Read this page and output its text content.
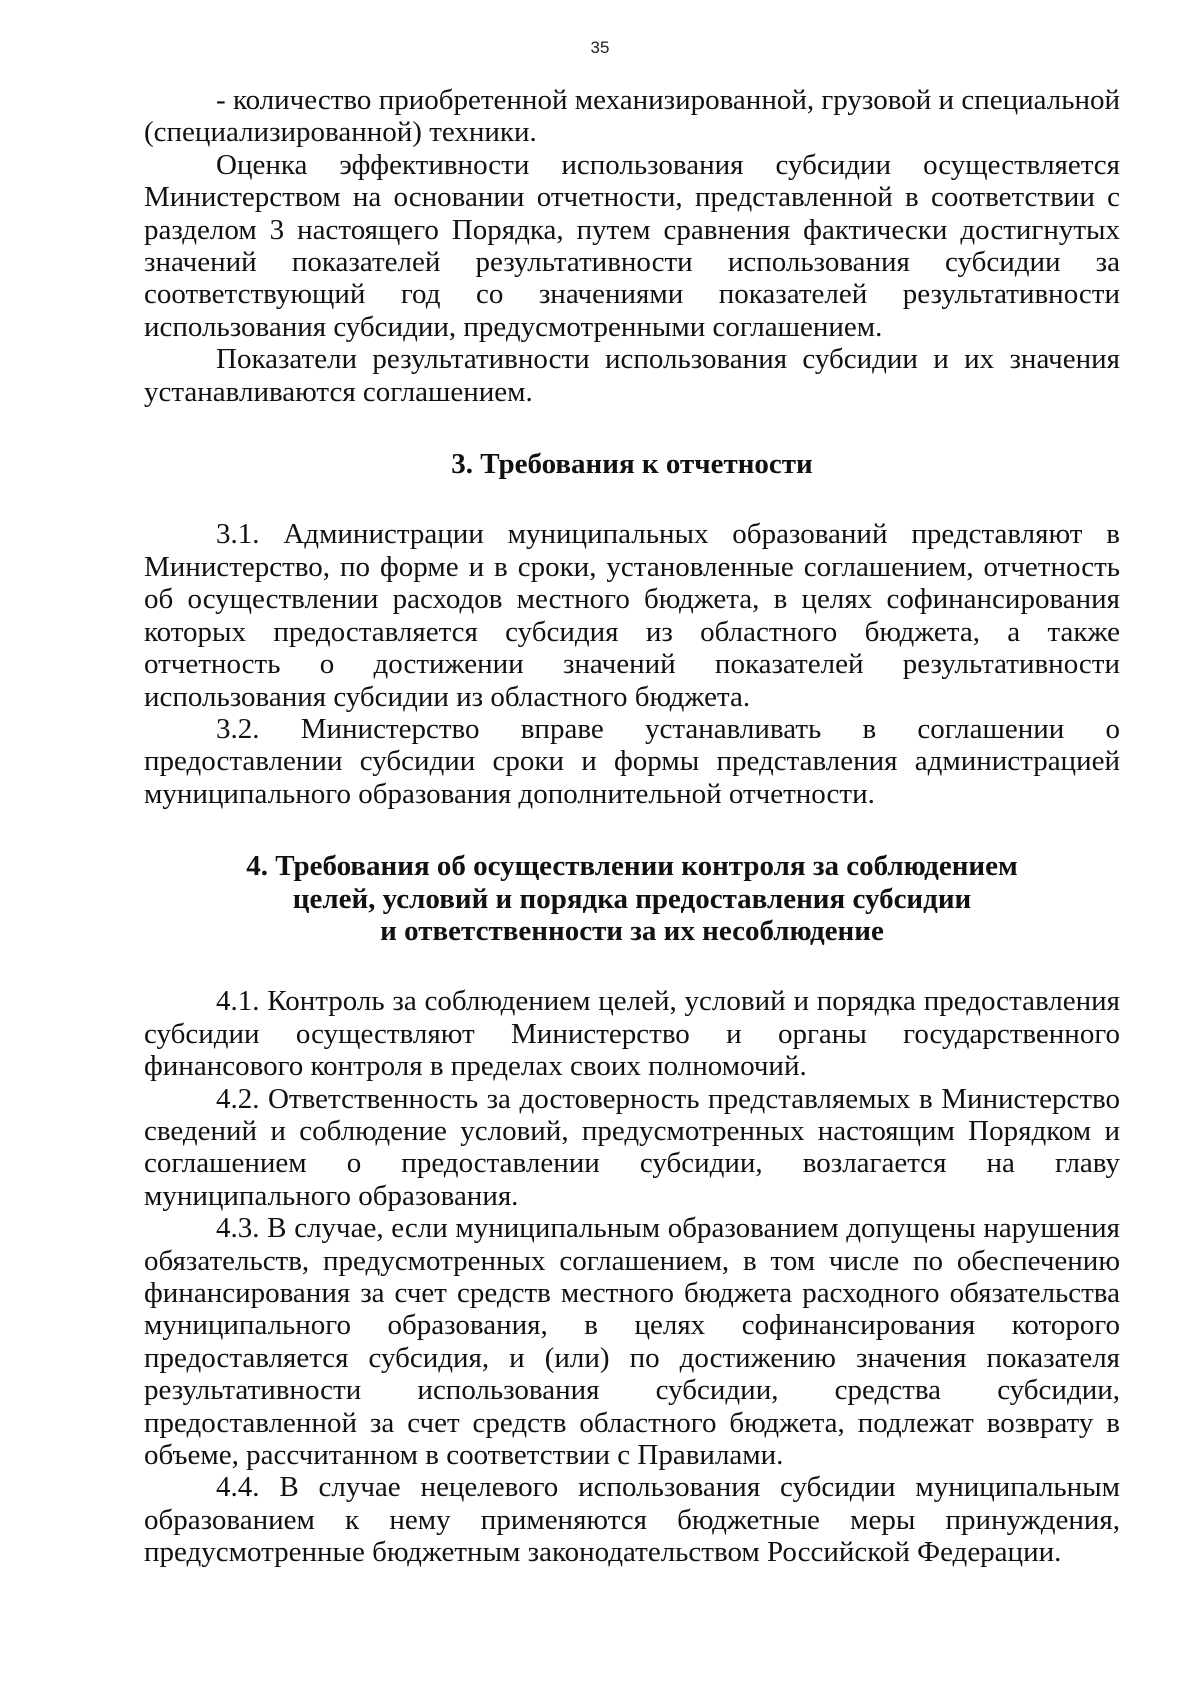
35

- количество приобретенной механизированной, грузовой и специальной (специализированной) техники.

Оценка эффективности использования субсидии осуществляется Министерством на основании отчетности, представленной в соответствии с разделом 3 настоящего Порядка, путем сравнения фактически достигнутых значений показателей результативности использования субсидии за соответствующий год со значениями показателей результативности использования субсидии, предусмотренными соглашением.

Показатели результативности использования субсидии и их значения устанавливаются соглашением.

3. Требования к отчетности

3.1. Администрации муниципальных образований представляют в Министерство, по форме и в сроки, установленные соглашением, отчетность об осуществлении расходов местного бюджета, в целях софинансирования которых предоставляется субсидия из областного бюджета, а также отчетность о достижении значений показателей результативности использования субсидии из областного бюджета.

3.2. Министерство вправе устанавливать в соглашении о предоставлении субсидии сроки и формы представления администрацией муниципального образования дополнительной отчетности.

4. Требования об осуществлении контроля за соблюдением
целей, условий и порядка предоставления субсидии
и ответственности за их несоблюдение

4.1. Контроль за соблюдением целей, условий и порядка предоставления субсидии осуществляют Министерство и органы государственного финансового контроля в пределах своих полномочий.

4.2. Ответственность за достоверность представляемых в Министерство сведений и соблюдение условий, предусмотренных настоящим Порядком и соглашением о предоставлении субсидии, возлагается на главу муниципального образования.

4.3. В случае, если муниципальным образованием допущены нарушения обязательств, предусмотренных соглашением, в том числе по обеспечению финансирования за счет средств местного бюджета расходного обязательства муниципального образования, в целях софинансирования которого предоставляется субсидия, и (или) по достижению значения показателя результативности использования субсидии, средства субсидии, предоставленной за счет средств областного бюджета, подлежат возврату в объеме, рассчитанном в соответствии с Правилами.

4.4. В случае нецелевого использования субсидии муниципальным образованием к нему применяются бюджетные меры принуждения, предусмотренные бюджетным законодательством Российской Федерации.
